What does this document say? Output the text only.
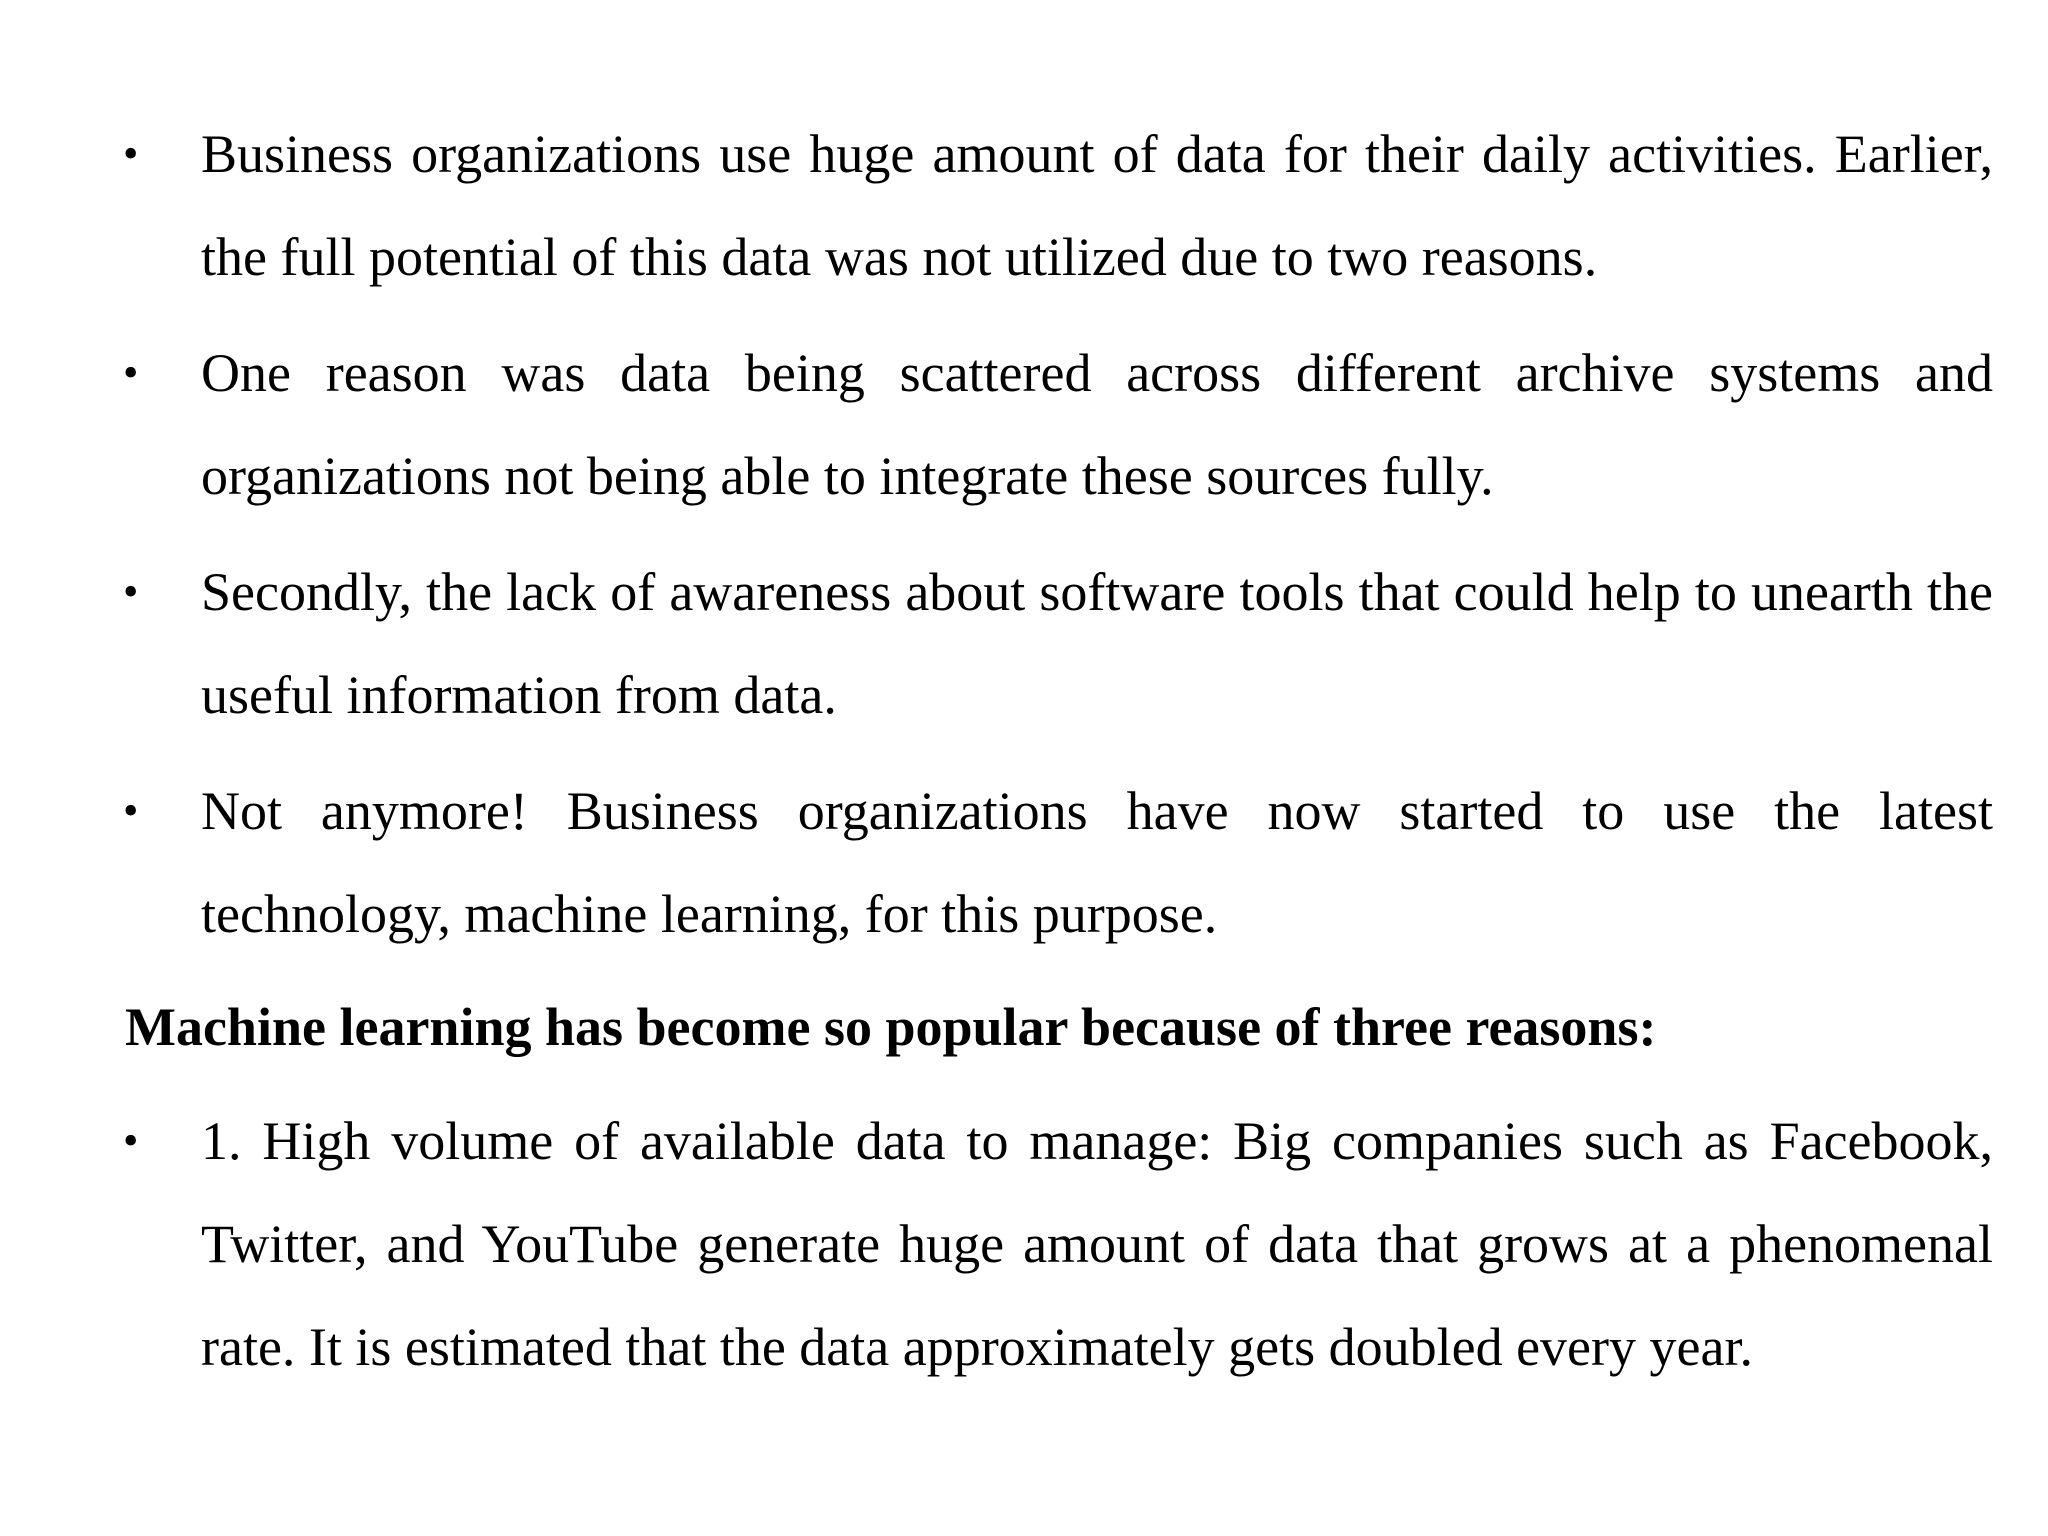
• Business organizations use huge amount of data for their daily activities. Earlier, the full potential of this data was not utilized due to two reasons.
• One reason was data being scattered across different archive systems and organizations not being able to integrate these sources fully.
• Secondly, the lack of awareness about software tools that could help to unearth the useful information from data.
• Not anymore! Business organizations have now started to use the latest technology, machine learning, for this purpose.
Machine learning has become so popular because of three reasons:
• 1. High volume of available data to manage: Big companies such as Facebook, Twitter, and YouTube generate huge amount of data that grows at a phenomenal rate. It is estimated that the data approximately gets doubled every year.
